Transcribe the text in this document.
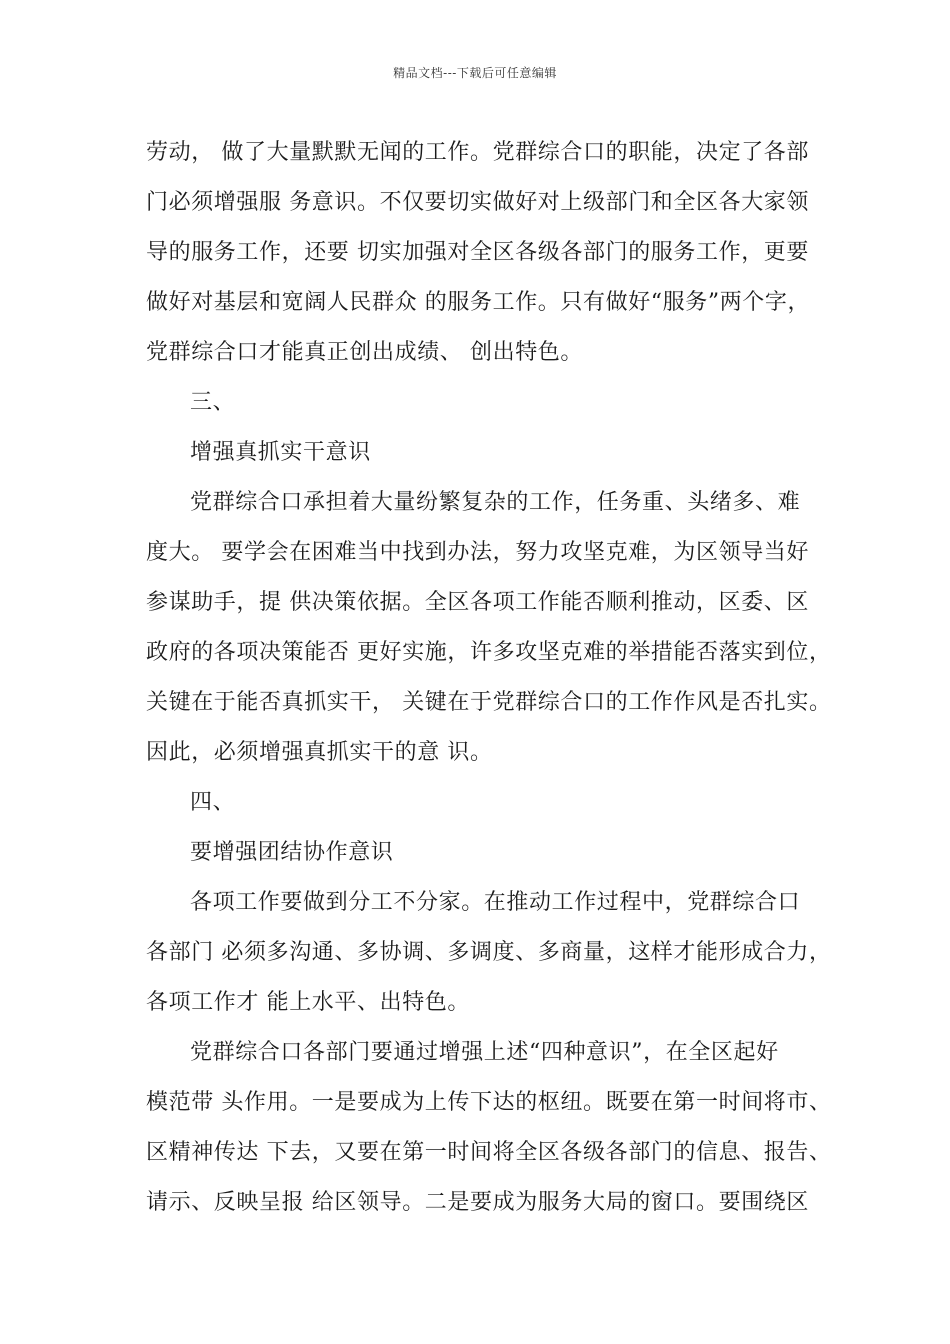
精品文档---下载后可任意编辑
劳动， 做了大量默默无闻的工作。党群综合口的职能，决定了各部
门必须增强服 务意识。不仅要切实做好对上级部门和全区各大家领
导的服务工作，还要 切实加强对全区各级各部门的服务工作，更要
做好对基层和宽阔人民群众 的服务工作。只有做好“服务”两个字，
党群综合口才能真正创出成绩、 创出特色。
三、
增强真抓实干意识
党群综合口承担着大量纷繁复杂的工作，任务重、头绪多、难
度大。 要学会在困难当中找到办法，努力攻坚克难，为区领导当好
参谋助手，提 供决策依据。全区各项工作能否顺利推动，区委、区
政府的各项决策能否 更好实施，许多攻坚克难的举措能否落实到位，
关键在于能否真抓实干， 关键在于党群综合口的工作作风是否扎实。
因此，必须增强真抓实干的意 识。
四、
要增强团结协作意识
各项工作要做到分工不分家。在推动工作过程中，党群综合口
各部门 必须多沟通、多协调、多调度、多商量，这样才能形成合力，
各项工作才 能上水平、出特色。
党群综合口各部门要通过增强上述“四种意识”，在全区起好
模范带 头作用。一是要成为上传下达的枢纽。既要在第一时间将市、
区精神传达 下去，又要在第一时间将全区各级各部门的信息、报告、
请示、反映呈报 给区领导。二是要成为服务大局的窗口。要围绕区
